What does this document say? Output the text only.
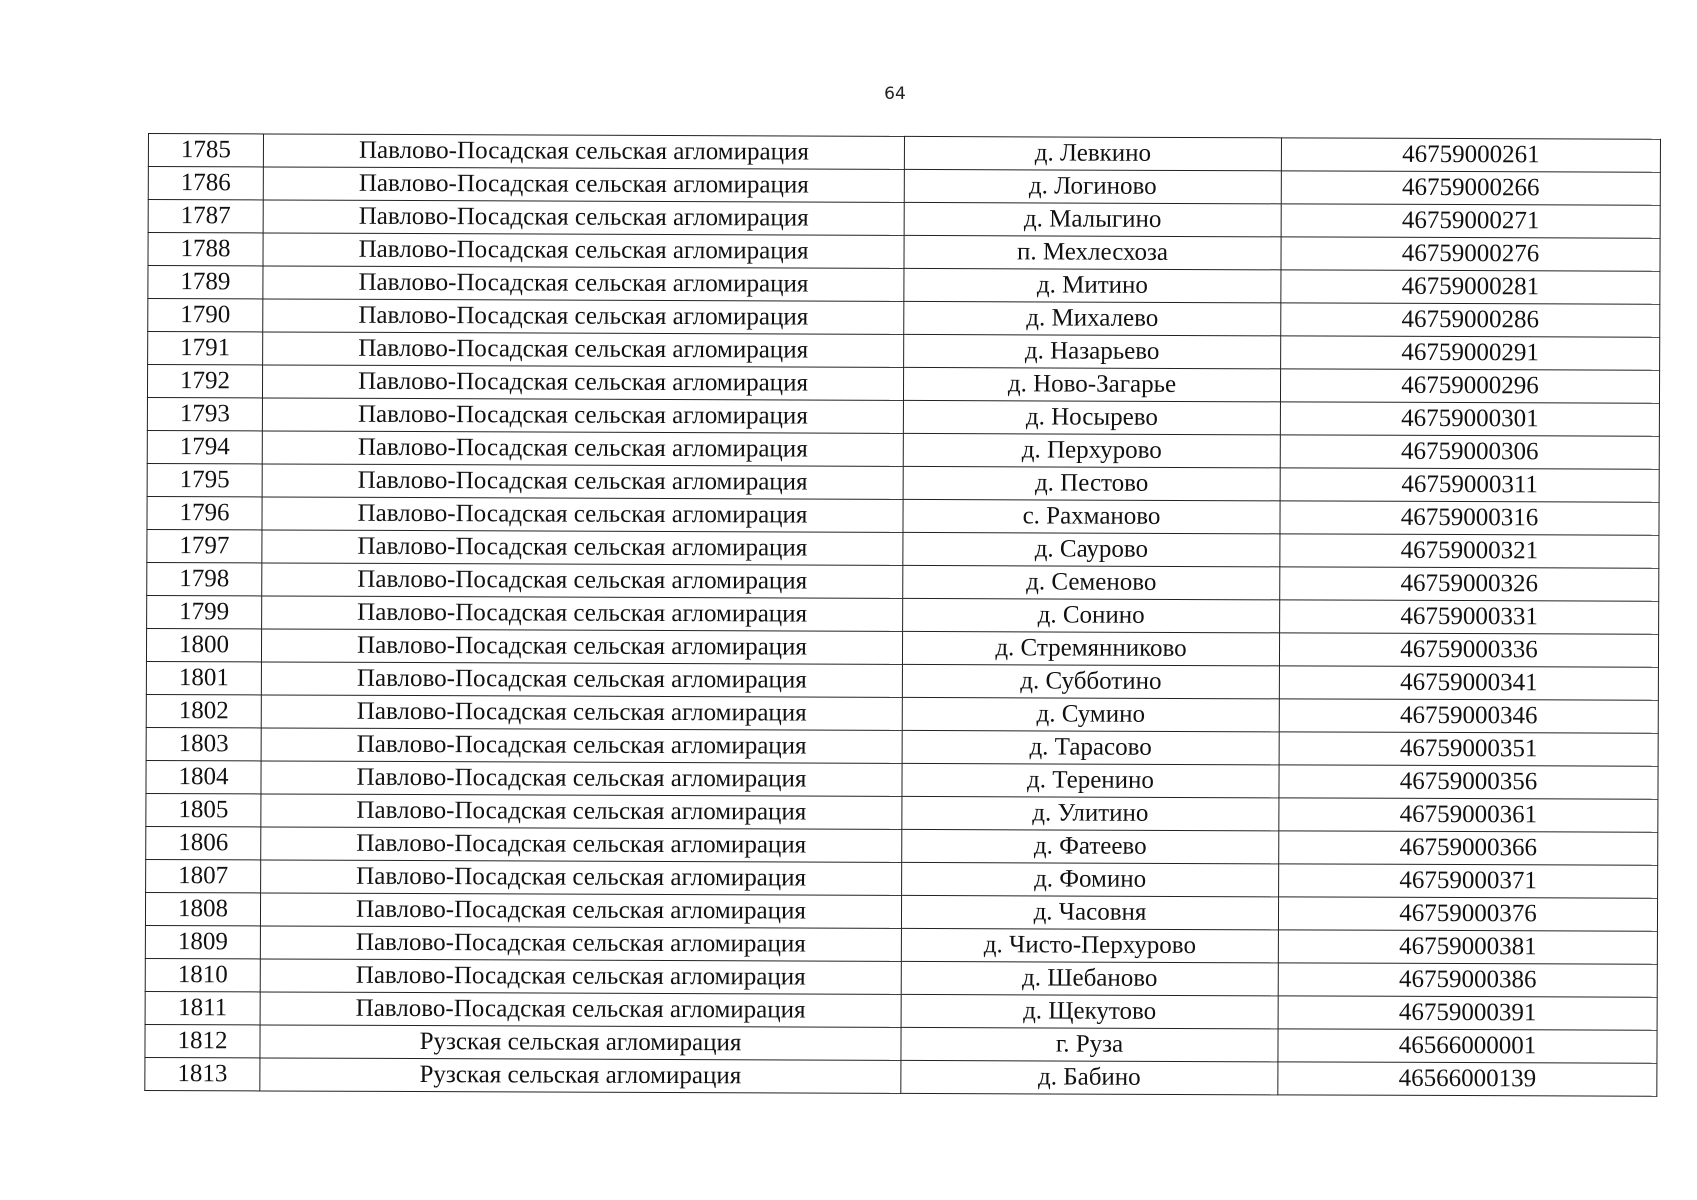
64
1785	Павлово-Посадская сельская агломирация	д. Левкино	46759000261
1786	Павлово-Посадская сельская агломирация	д. Логиново	46759000266
1787	Павлово-Посадская сельская агломирация	д. Малыгино	46759000271
1788	Павлово-Посадская сельская агломирация	п. Мехлесхоза	46759000276
1789	Павлово-Посадская сельская агломирация	д. Митино	46759000281
1790	Павлово-Посадская сельская агломирация	д. Михалево	46759000286
1791	Павлово-Посадская сельская агломирация	д. Назарьево	46759000291
1792	Павлово-Посадская сельская агломирация	д. Ново-Загарье	46759000296
1793	Павлово-Посадская сельская агломирация	д. Носырево	46759000301
1794	Павлово-Посадская сельская агломирация	д. Перхурово	46759000306
1795	Павлово-Посадская сельская агломирация	д. Пестово	46759000311
1796	Павлово-Посадская сельская агломирация	с. Рахманово	46759000316
1797	Павлово-Посадская сельская агломирация	д. Саурово	46759000321
1798	Павлово-Посадская сельская агломирация	д. Семеново	46759000326
1799	Павлово-Посадская сельская агломирация	д. Сонино	46759000331
1800	Павлово-Посадская сельская агломирация	д. Стремянниково	46759000336
1801	Павлово-Посадская сельская агломирация	д. Субботино	46759000341
1802	Павлово-Посадская сельская агломирация	д. Сумино	46759000346
1803	Павлово-Посадская сельская агломирация	д. Тарасово	46759000351
1804	Павлово-Посадская сельская агломирация	д. Теренино	46759000356
1805	Павлово-Посадская сельская агломирация	д. Улитино	46759000361
1806	Павлово-Посадская сельская агломирация	д. Фатеево	46759000366
1807	Павлово-Посадская сельская агломирация	д. Фомино	46759000371
1808	Павлово-Посадская сельская агломирация	д. Часовня	46759000376
1809	Павлово-Посадская сельская агломирация	д. Чисто-Перхурово	46759000381
1810	Павлово-Посадская сельская агломирация	д. Шебаново	46759000386
1811	Павлово-Посадская сельская агломирация	д. Щекутово	46759000391
1812	Рузская сельская агломирация	г. Руза	46566000001
1813	Рузская сельская агломирация	д. Бабино	46566000139
